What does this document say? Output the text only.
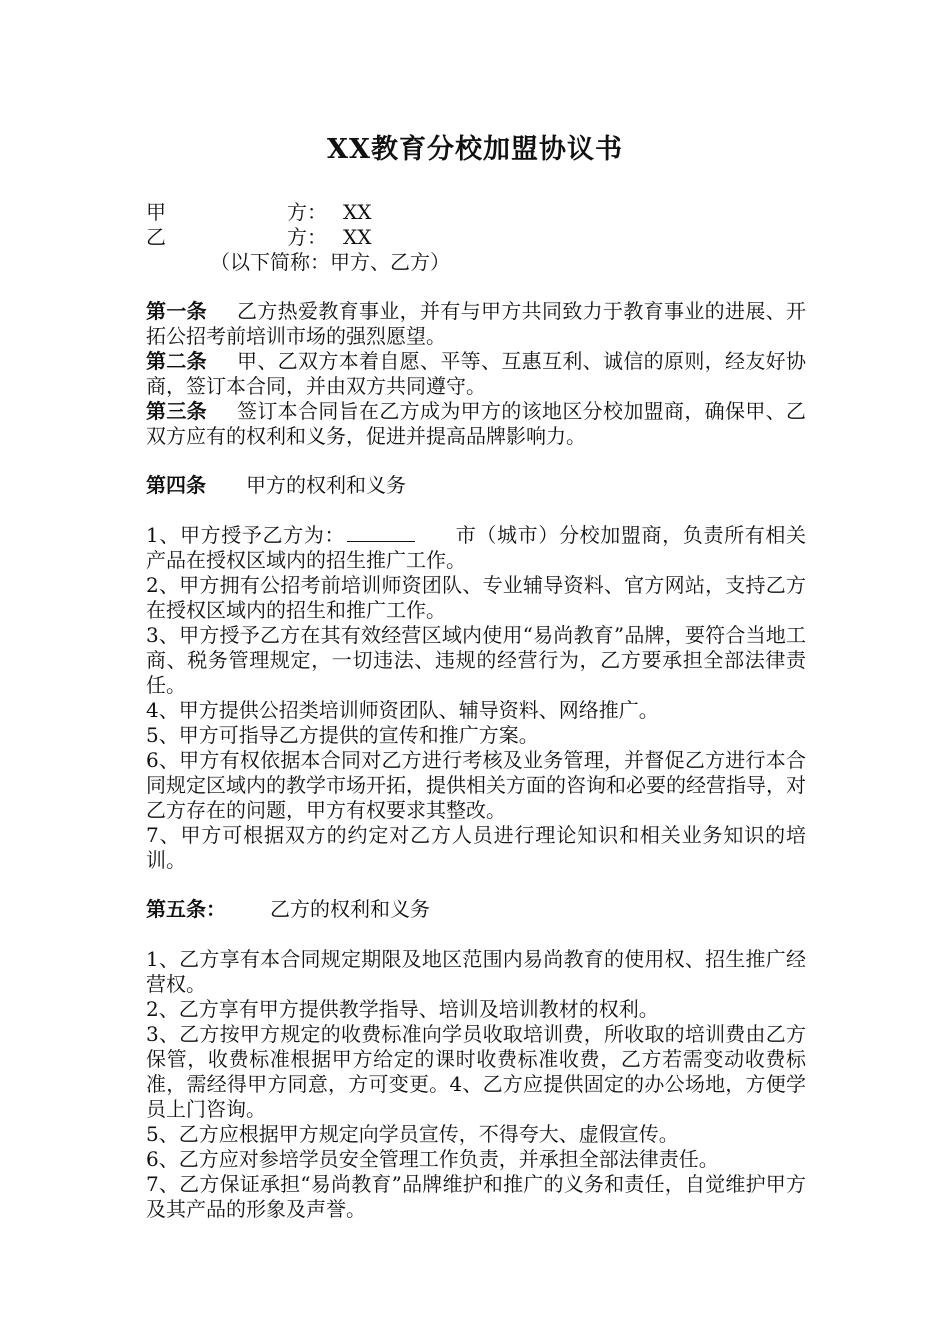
XX教育分校加盟协议书
甲	方： XX
乙	方： XX
（以下简称：甲方、乙方）
第一条 乙方热爱教育事业，并有与甲方共同致力于教育事业的进展、开拓公招考前培训市场的强烈愿望。
第二条 甲、乙双方本着自愿、平等、互惠互利、诚信的原则，经友好协商，签订本合同，并由双方共同遵守。
第三条 签订本合同旨在乙方成为甲方的该地区分校加盟商，确保甲、乙双方应有的权利和义务，促进并提高品牌影响力。
第四条 甲方的权利和义务
1、甲方授予乙方为：	市（城市）分校加盟商，负责所有相关产品在授权区域内的招生推广工作。
2、甲方拥有公招考前培训师资团队、专业辅导资料、官方网站，支持乙方在授权区域内的招生和推广工作。
3、甲方授予乙方在其有效经营区域内使用“易尚教育”品牌，要符合当地工商、税务管理规定，一切违法、违规的经营行为，乙方要承担全部法律责任。
4、甲方提供公招类培训师资团队、辅导资料、网络推广。
5、甲方可指导乙方提供的宣传和推广方案。
6、甲方有权依据本合同对乙方进行考核及业务管理，并督促乙方进行本合同规定区域内的教学市场开拓，提供相关方面的咨询和必要的经营指导，对乙方存在的问题，甲方有权要求其整改。
7、甲方可根据双方的约定对乙方人员进行理论知识和相关业务知识的培训。
第五条： 乙方的权利和义务
1、乙方享有本合同规定期限及地区范围内易尚教育的使用权、招生推广经营权。
2、乙方享有甲方提供教学指导、培训及培训教材的权利。
3、乙方按甲方规定的收费标准向学员收取培训费，所收取的培训费由乙方保管，收费标准根据甲方给定的课时收费标准收费，乙方若需变动收费标准，需经得甲方同意，方可变更。4、乙方应提供固定的办公场地，方便学员上门咨询。
5、乙方应根据甲方规定向学员宣传，不得夸大、虚假宣传。
6、乙方应对参培学员安全管理工作负责，并承担全部法律责任。
7、乙方保证承担“易尚教育”品牌维护和推广的义务和责任，自觉维护甲方及其产品的形象及声誉。
